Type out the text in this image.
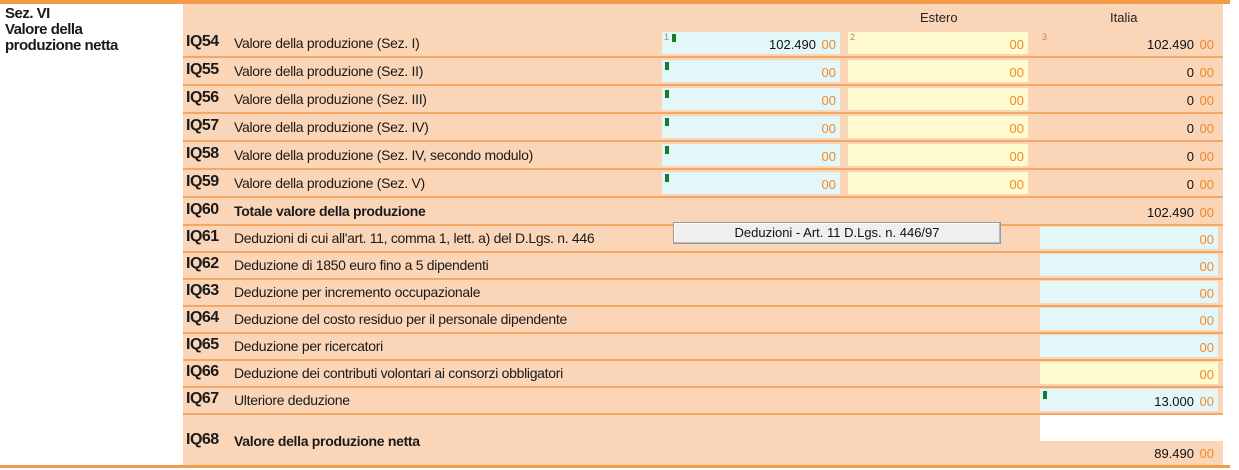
Sez. VI
Valore della
produzione netta
Estero	Italia
IQ54 Valore della produzione (Sez. I)	1	102.490 00 2	00 3	102.490 00
IQ55 Valore della produzione (Sez. II)	00	00	0 00
IQ56 Valore della produzione (Sez. III)	00	00	0 00
IQ57 Valore della produzione (Sez. IV)	00	00	0 00
IQ58 Valore della produzione (Sez. IV, secondo modulo)	00	00	0 00
IQ59 Valore della produzione (Sez. V)	00	00	0 00
IQ60 Totale valore della produzione	102.490 00
IQ61 Deduzioni di cui all'art. 11, comma 1, lett. a) del D.Lgs. n. 446	00
IQ62 Deduzione di 1850 euro fino a 5 dipendenti	00
IQ63 Deduzione per incremento occupazionale	00
IQ64 Deduzione del costo residuo per il personale dipendente	00
IQ65 Deduzione per ricercatori	00
IQ66 Deduzione dei contributi volontari ai consorzi obbligatori	00
IQ67 Ulteriore deduzione	13.000 00
IQ68 Valore della produzione netta
89.490 00
Deduzioni - Art. 11 D.Lgs. n. 446/97
